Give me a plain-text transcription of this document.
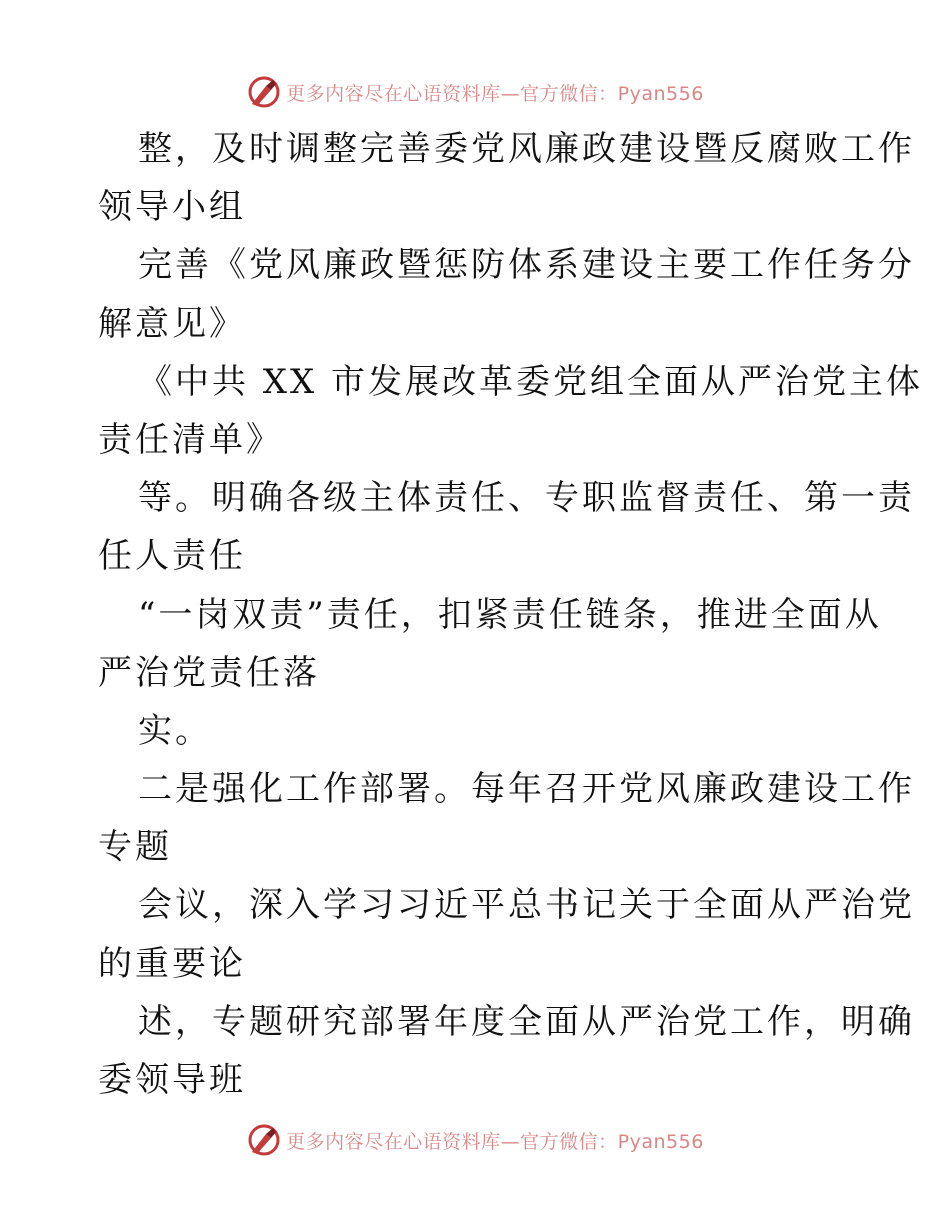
更多内容尽在心语资料库—官方微信：Pyan556
整，及时调整完善委党风廉政建设暨反腐败工作
领导小组
完善《党风廉政暨惩防体系建设主要工作任务分
解意见》
《中共 XX 市发展改革委党组全面从严治党主体
责任清单》
等。明确各级主体责任、专职监督责任、第一责
任人责任
“一岗双责”责任，扣紧责任链条，推进全面从
严治党责任落
实。
二是强化工作部署。每年召开党风廉政建设工作
专题
会议，深入学习习近平总书记关于全面从严治党
的重要论
述，专题研究部署年度全面从严治党工作，明确
委领导班
更多内容尽在心语资料库—官方微信：Pyan556
